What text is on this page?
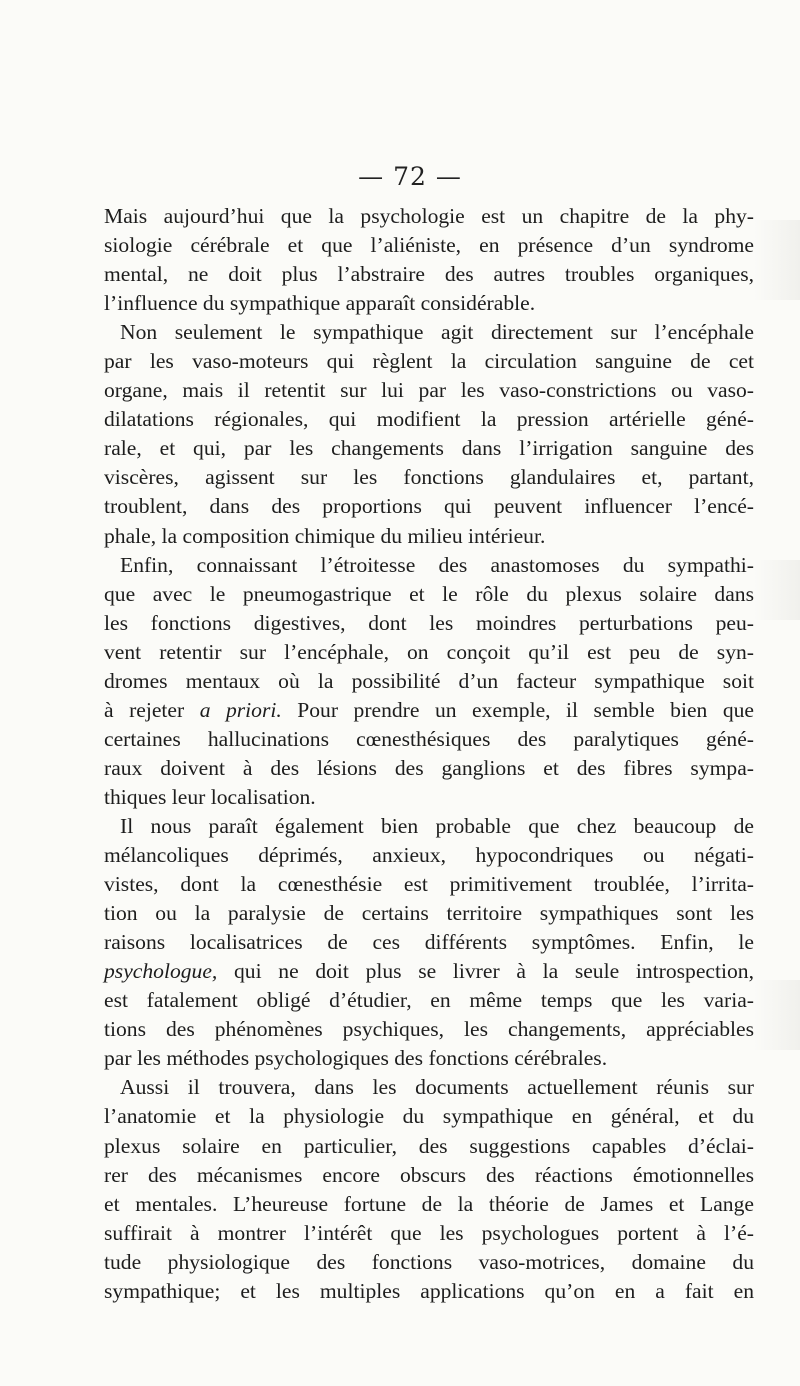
— 72 —
Mais aujourd’hui que la psychologie est un chapitre de la phy-
siologie cérébrale et que l’aliéniste, en présence d’un syndrome
mental, ne doit plus l’abstraire des autres troubles organiques,
l’influence du sympathique apparaît considérable.
Non seulement le sympathique agit directement sur l’encéphale
par les vaso-moteurs qui règlent la circulation sanguine de cet
organe, mais il retentit sur lui par les vaso-constrictions ou vaso-
dilatations régionales, qui modifient la pression artérielle géné-
rale, et qui, par les changements dans l’irrigation sanguine des
viscères, agissent sur les fonctions glandulaires et, partant,
troublent, dans des proportions qui peuvent influencer l’encé-
phale, la composition chimique du milieu intérieur.
Enfin, connaissant l’étroitesse des anastomoses du sympathi-
que avec le pneumogastrique et le rôle du plexus solaire dans
les fonctions digestives, dont les moindres perturbations peu-
vent retentir sur l’encéphale, on conçoit qu’il est peu de syn-
dromes mentaux où la possibilité d’un facteur sympathique soit
à rejeter a priori. Pour prendre un exemple, il semble bien que
certaines hallucinations cœnesthésiques des paralytiques géné-
raux doivent à des lésions des ganglions et des fibres sympa-
thiques leur localisation.
Il nous paraît également bien probable que chez beaucoup de
mélancoliques déprimés, anxieux, hypocondriques ou négati-
vistes, dont la cœnesthésie est primitivement troublée, l’irrita-
tion ou la paralysie de certains territoire sympathiques sont les
raisons localisatrices de ces différents symptômes. Enfin, le
psychologue, qui ne doit plus se livrer à la seule introspection,
est fatalement obligé d’étudier, en même temps que les varia-
tions des phénomènes psychiques, les changements, appréciables
par les méthodes psychologiques des fonctions cérébrales.
Aussi il trouvera, dans les documents actuellement réunis sur
l’anatomie et la physiologie du sympathique en général, et du
plexus solaire en particulier, des suggestions capables d’éclai-
rer des mécanismes encore obscurs des réactions émotionnelles
et mentales. L’heureuse fortune de la théorie de James et Lange
suffirait à montrer l’intérêt que les psychologues portent à l’é-
tude physiologique des fonctions vaso-motrices, domaine du
sympathique; et les multiples applications qu’on en a fait en
